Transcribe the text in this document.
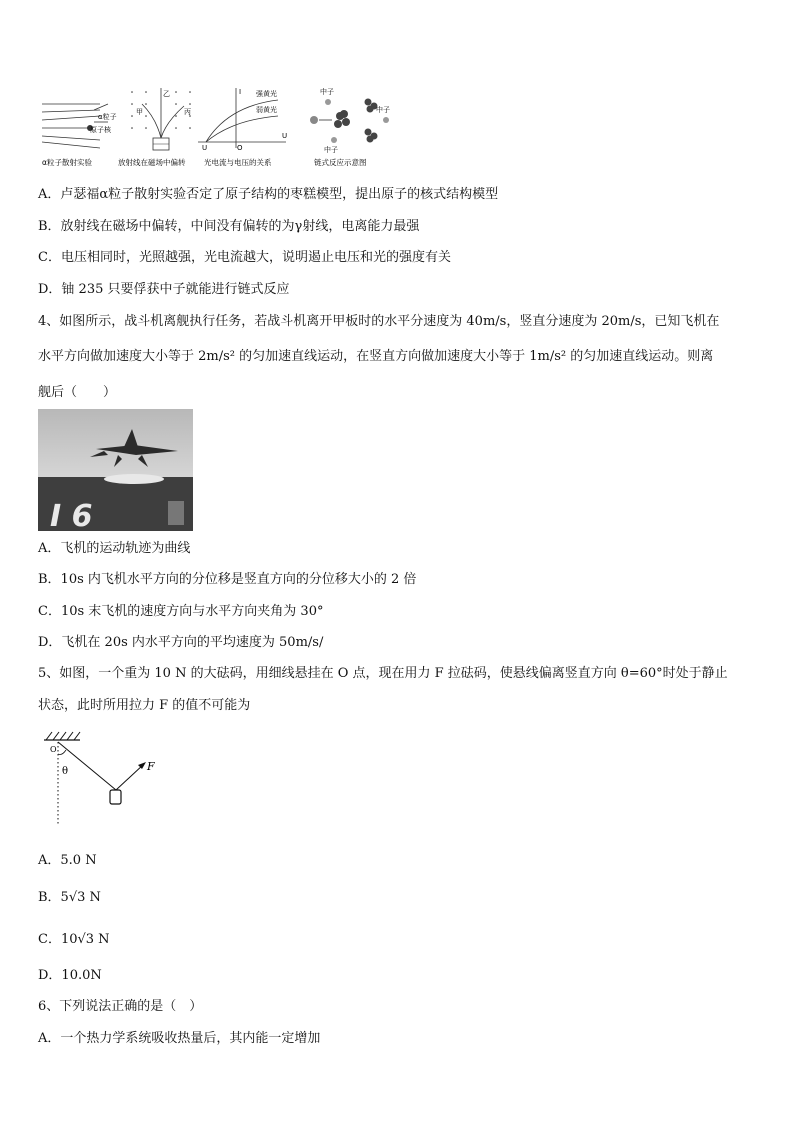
α粒子
原子核
α粒子散射实验
甲
乙
丙
放射线在磁场中偏转
I
U
O
U
强黄光
弱黄光
光电流与电压的关系
中子
中子
中子
链式反应示意图
A．卢瑟福α粒子散射实验否定了原子结构的枣糕模型，提出原子的核式结构模型
B．放射线在磁场中偏转，中间没有偏转的为γ射线，电离能力最强
C．电压相同时，光照越强，光电流越大，说明遏止电压和光的强度有关
D．铀 235 只要俘获中子就能进行链式反应
4、如图所示，战斗机离舰执行任务，若战斗机离开甲板时的水平分速度为 40m/s，竖直分速度为 20m/s，已知飞机在
水平方向做加速度大小等于 2m/s² 的匀加速直线运动，在竖直方向做加速度大小等于 1m/s² 的匀加速直线运动。则离
舰后（　　）
I 6
A．飞机的运动轨迹为曲线
B．10s 内飞机水平方向的分位移是竖直方向的分位移大小的 2 倍
C．10s 末飞机的速度方向与水平方向夹角为 30°
D．飞机在 20s 内水平方向的平均速度为 50m/s/
5、如图，一个重为 10 N 的大砝码，用细线悬挂在 O 点，现在用力 F 拉砝码，使悬线偏离竖直方向 θ=60°时处于静止
状态，此时所用拉力 F 的值不可能为
O
θ	F
A．5.0 N
B．5√3 N
C．10√3 N
D．10.0N
6、下列说法正确的是（　）
A．一个热力学系统吸收热量后，其内能一定增加
